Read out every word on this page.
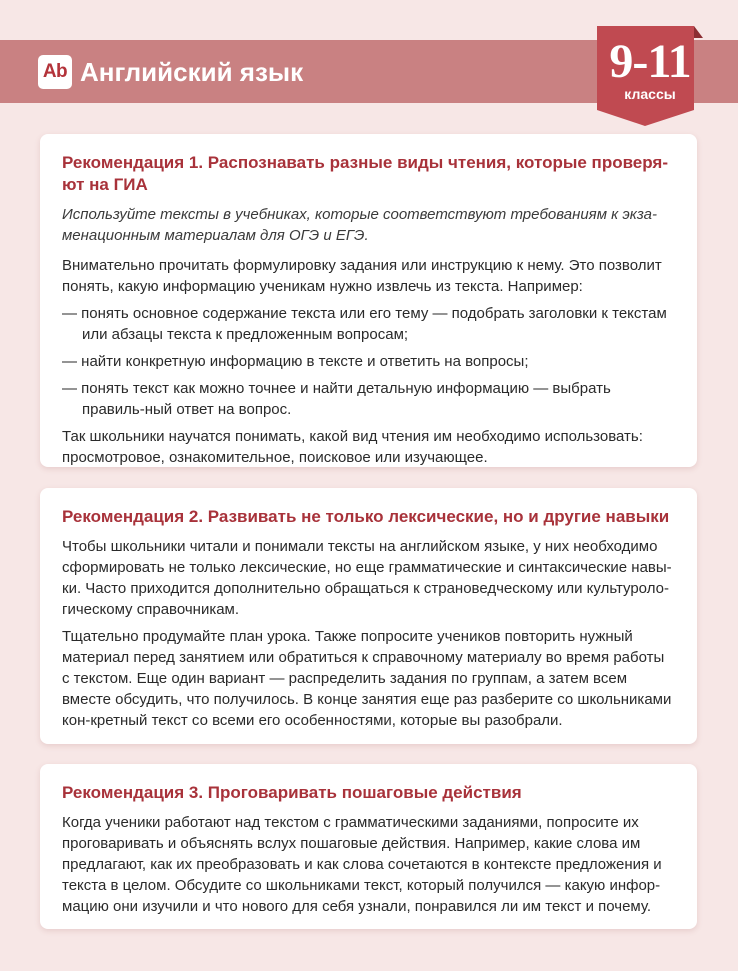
Ab Английский язык	9-11
классы
Рекомендация 1. Распознавать разные виды чтения, которые проверя-ют на ГИА
Используйте тексты в учебниках, которые соответствуют требованиям к экза-менационным материалам для ОГЭ и ЕГЭ.
Внимательно прочитать формулировку задания или инструкцию к нему. Это позволит понять, какую информацию ученикам нужно извлечь из текста. Например:
— понять основное содержание текста или его тему — подобрать заголовки к текстам или абзацы текста к предложенным вопросам;
— найти конкретную информацию в тексте и ответить на вопросы;
— понять текст как можно точнее и найти детальную информацию — выбрать правиль-ный ответ на вопрос.
Так школьники научатся понимать, какой вид чтения им необходимо использовать: просмотровое, ознакомительное, поисковое или изучающее.
Рекомендация 2. Развивать не только лексические, но и другие навыки
Чтобы школьники читали и понимали тексты на английском языке, у них необходимо сформировать не только лексические, но еще грамматические и синтаксические навы-ки. Часто приходится дополнительно обращаться к страноведческому или культуроло-гическому справочникам.
Тщательно продумайте план урока. Также попросите учеников повторить нужный материал перед занятием или обратиться к справочному материалу во время работы с текстом. Еще один вариант — распределить задания по группам, а затем всем вместе обсудить, что получилось. В конце занятия еще раз разберите со школьниками кон-кретный текст со всеми его особенностями, которые вы разобрали.
Рекомендация 3. Проговаривать пошаговые действия
Когда ученики работают над текстом с грамматическими заданиями, попросите их проговаривать и объяснять вслух пошаговые действия. Например, какие слова им предлагают, как их преобразовать и как слова сочетаются в контексте предложения и текста в целом. Обсудите со школьниками текст, который получился — какую инфор-мацию они изучили и что нового для себя узнали, понравился ли им текст и почему.
